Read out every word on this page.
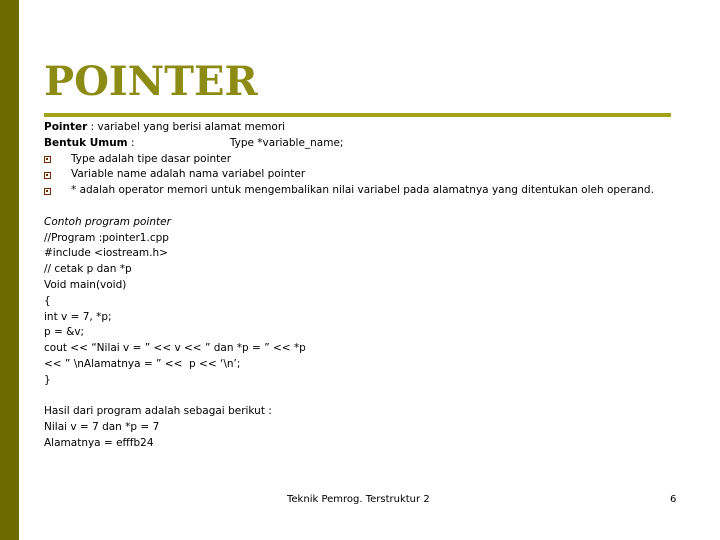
POINTER
Pointer : variabel yang berisi alamat memori
Bentuk Umum :	Type *variable_name;
Type adalah tipe dasar pointer
Variable name adalah nama variabel pointer
* adalah operator memori untuk mengembalikan nilai variabel pada alamatnya yang ditentukan oleh operand.
Contoh program pointer
//Program :pointer1.cpp
#include <iostream.h>
// cetak p dan *p
Void main(void)
{
int v = 7, *p;
p = &v;
cout << “Nilai v = ” << v << ” dan *p = ” << *p
<< ” \nAlamatnya = ” <<  p << ‘\n’;
}
Hasil dari program adalah sebagai berikut :
Nilai v = 7 dan *p = 7
Alamatnya = efffb24
Teknik Pemrog. Terstruktur 2	6
